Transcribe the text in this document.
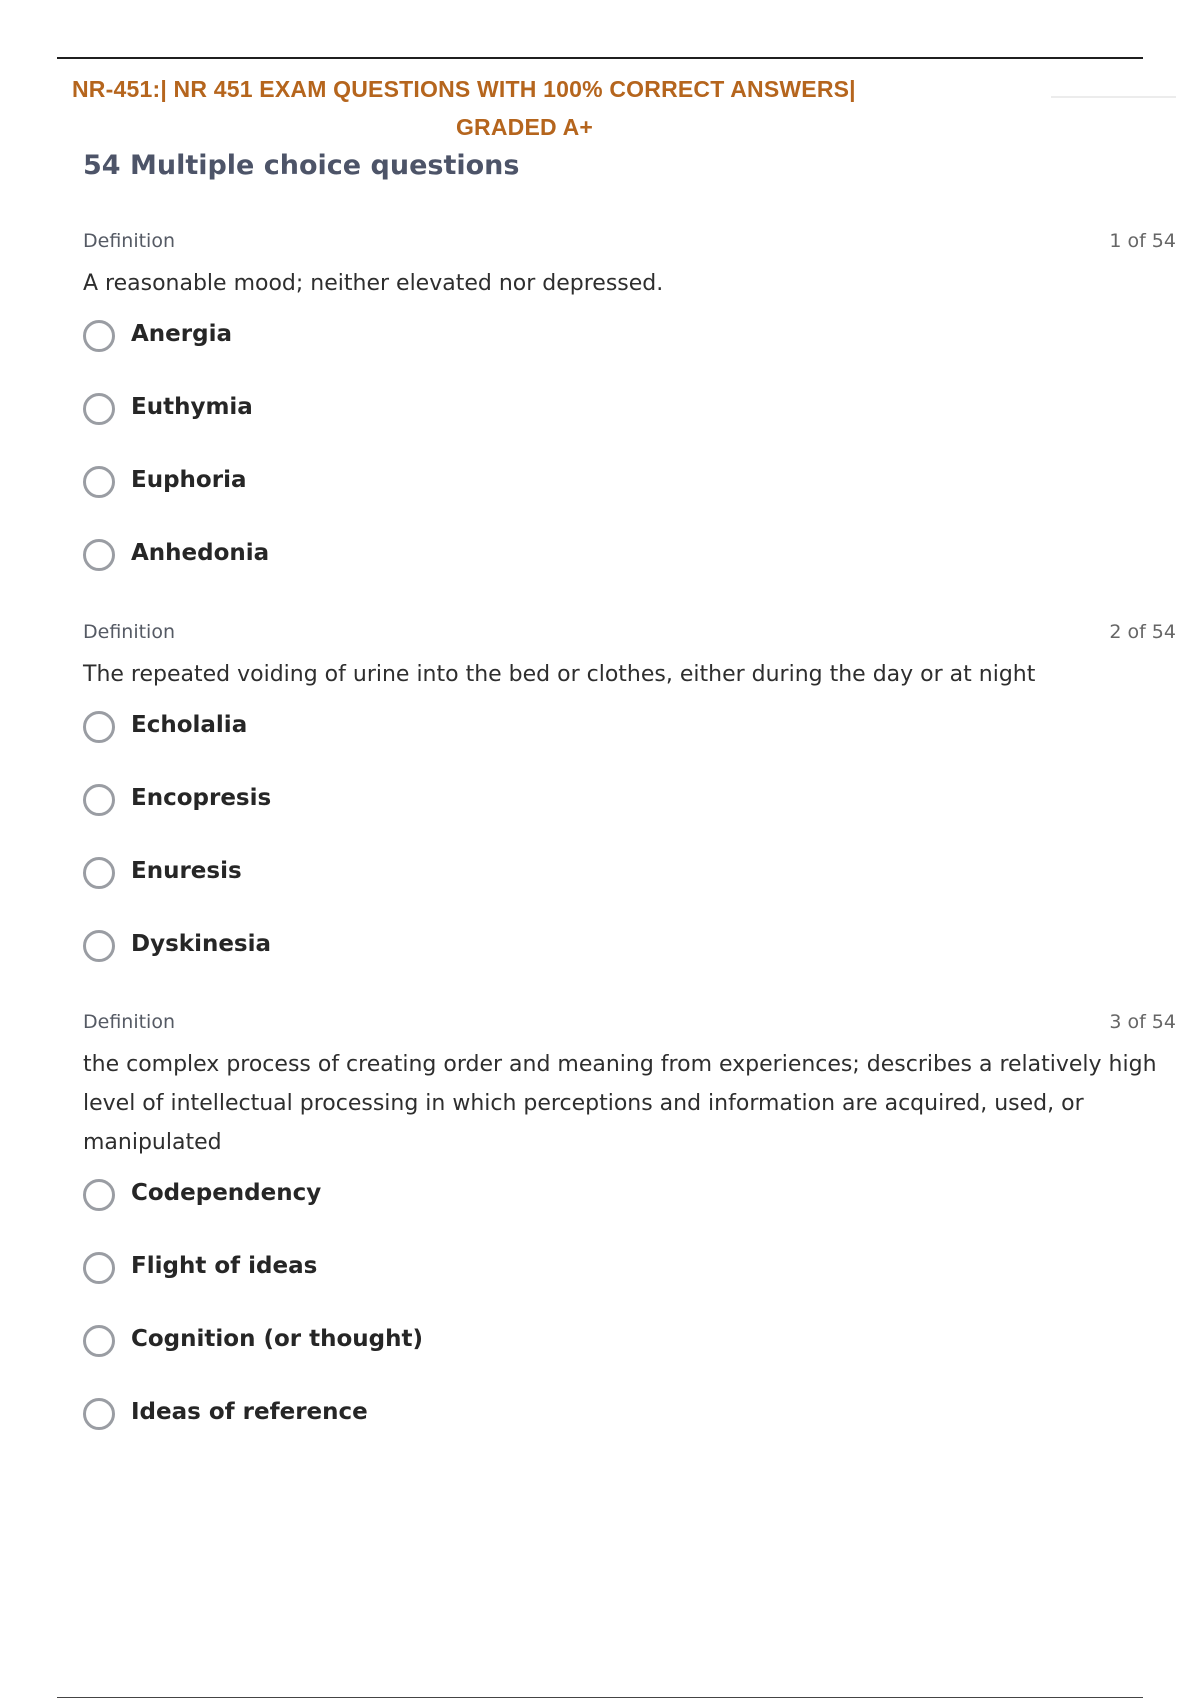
NR-451:| NR 451 EXAM QUESTIONS WITH 100% CORRECT ANSWERS|
GRADED A+
54 Multiple choice questions
Definition	1 of 54
A reasonable mood; neither elevated nor depressed.
Anergia
Euthymia
Euphoria
Anhedonia
Definition	2 of 54
The repeated voiding of urine into the bed or clothes, either during the day or at night
Echolalia
Encopresis
Enuresis
Dyskinesia
Definition	3 of 54
the complex process of creating order and meaning from experiences; describes a relatively high level of intellectual processing in which perceptions and information are acquired, used, or manipulated
Codependency
Flight of ideas
Cognition (or thought)
Ideas of reference
